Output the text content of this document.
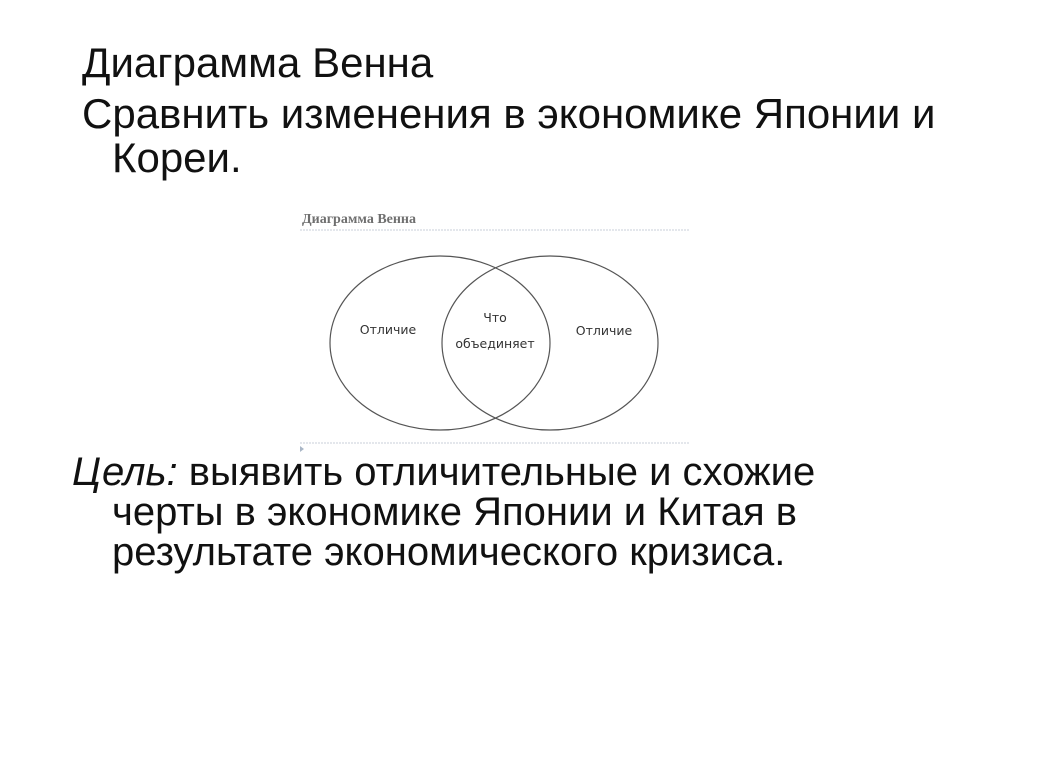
Диаграмма Венна

Сравнить изменения в экономике Японии и
Кореи.

Диаграмма Венна
Отличие
Что
объединяет
Отличие

Цель: выявить отличительные и схожие
черты в экономике Японии и Китая в
результате экономического кризиса.
